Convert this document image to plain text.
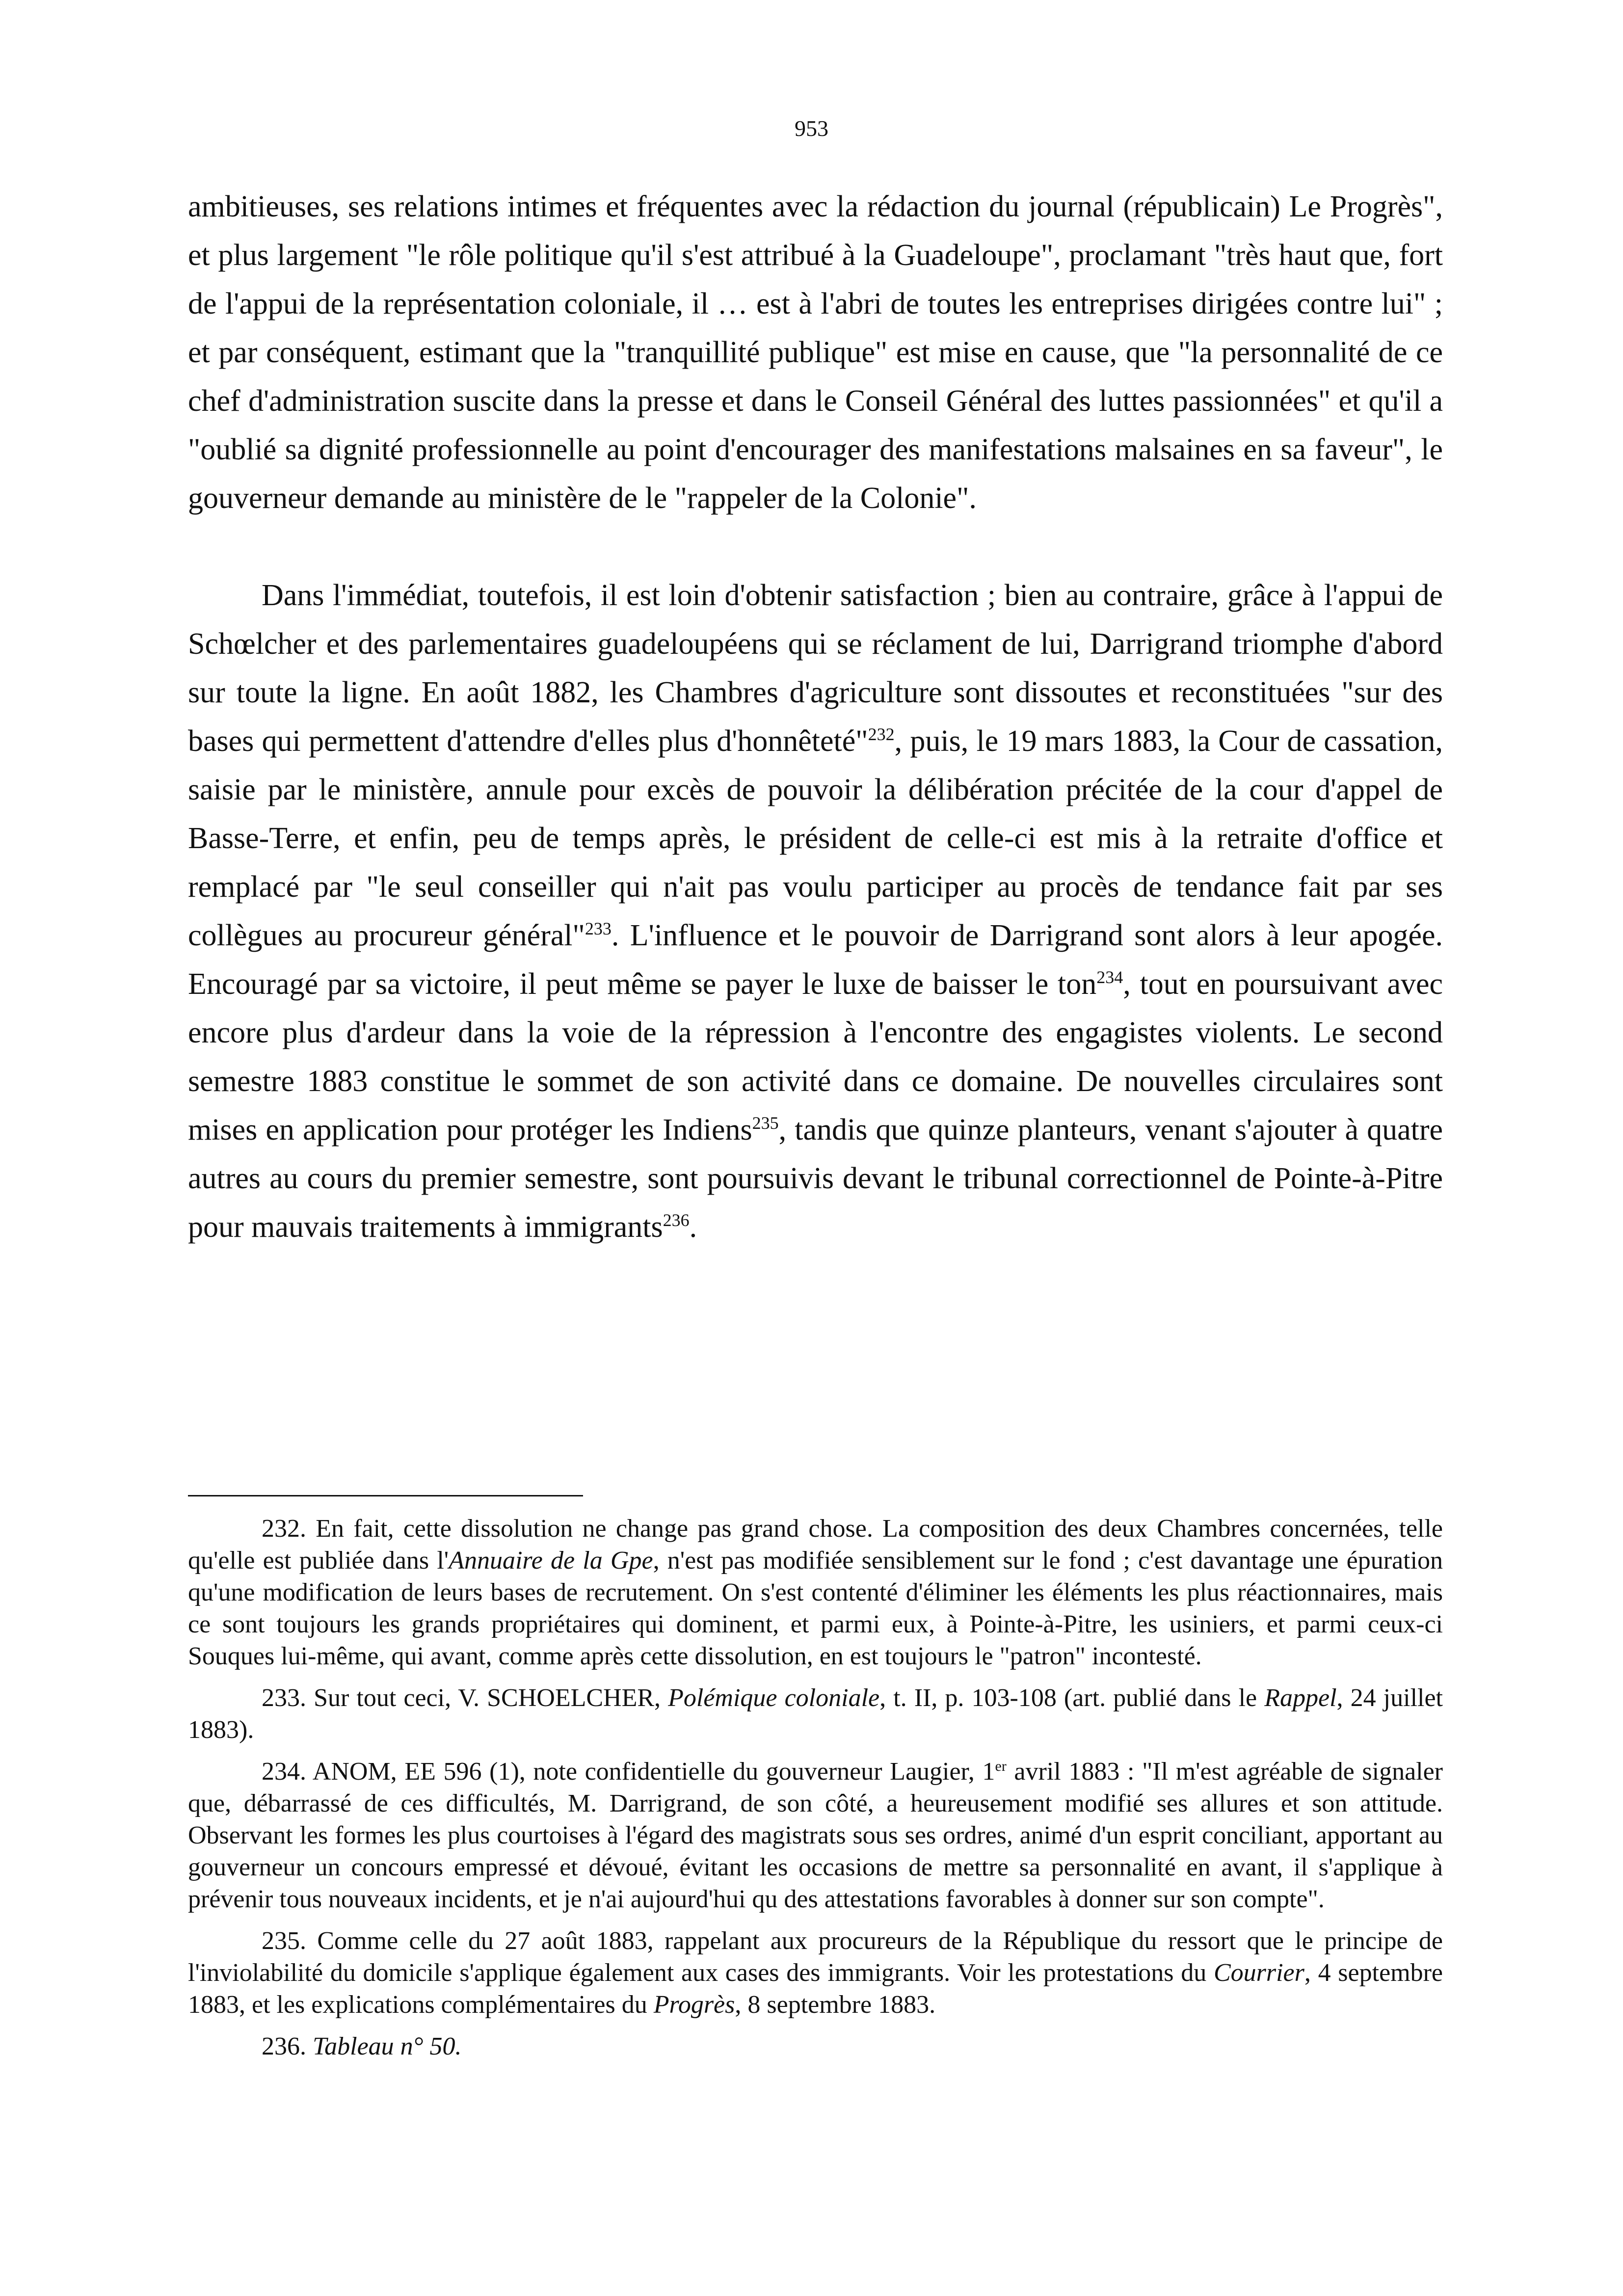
953

ambitieuses, ses relations intimes et fréquentes avec la rédaction du journal (républicain) Le Progrès", et plus largement "le rôle politique qu'il s'est attribué à la Guadeloupe", proclamant "très haut que, fort de l'appui de la représentation coloniale, il … est à l'abri de toutes les entreprises dirigées contre lui" ; et par conséquent, estimant que la "tranquillité publique" est mise en cause, que "la personnalité de ce chef d'administration suscite dans la presse et dans le Conseil Général des luttes passionnées" et qu'il a "oublié sa dignité professionnelle au point d'encourager des manifestations malsaines en sa faveur", le gouverneur demande au ministère de le "rappeler de la Colonie".

Dans l'immédiat, toutefois, il est loin d'obtenir satisfaction ; bien au contraire, grâce à l'appui de Schœlcher et des parlementaires guadeloupéens qui se réclament de lui, Darrigrand triomphe d'abord sur toute la ligne. En août 1882, les Chambres d'agriculture sont dissoutes et reconstituées "sur des bases qui permettent d'attendre d'elles plus d'honnêteté"$^{232}$, puis, le 19 mars 1883, la Cour de cassation, saisie par le ministère, annule pour excès de pouvoir la délibération précitée de la cour d'appel de Basse-Terre, et enfin, peu de temps après, le président de celle-ci est mis à la retraite d'office et remplacé par "le seul conseiller qui n'ait pas voulu participer au procès de tendance fait par ses collègues au procureur général"$^{233}$. L'influence et le pouvoir de Darrigrand sont alors à leur apogée. Encouragé par sa victoire, il peut même se payer le luxe de baisser le ton$^{234}$, tout en poursuivant avec encore plus d'ardeur dans la voie de la répression à l'encontre des engagistes violents. Le second semestre 1883 constitue le sommet de son activité dans ce domaine. De nouvelles circulaires sont mises en application pour protéger les Indiens$^{235}$, tandis que quinze planteurs, venant s'ajouter à quatre autres au cours du premier semestre, sont poursuivis devant le tribunal correctionnel de Pointe-à-Pitre pour mauvais traitements à immigrants$^{236}$.

232. En fait, cette dissolution ne change pas grand chose. La composition des deux Chambres concernées, telle qu'elle est publiée dans l'Annuaire de la Gpe, n'est pas modifiée sensiblement sur le fond ; c'est davantage une épuration qu'une modification de leurs bases de recrutement. On s'est contenté d'éliminer les éléments les plus réactionnaires, mais ce sont toujours les grands propriétaires qui dominent, et parmi eux, à Pointe-à-Pitre, les usiniers, et parmi ceux-ci Souques lui-même, qui avant, comme après cette dissolution, en est toujours le "patron" incontesté.

233. Sur tout ceci, V. SCHOELCHER, Polémique coloniale, t. II, p. 103-108 (art. publié dans le Rappel, 24 juillet 1883).

234. ANOM, EE 596 (1), note confidentielle du gouverneur Laugier, 1er avril 1883 : "Il m'est agréable de signaler que, débarrassé de ces difficultés, M. Darrigrand, de son côté, a heureusement modifié ses allures et son attitude. Observant les formes les plus courtoises à l'égard des magistrats sous ses ordres, animé d'un esprit conciliant, apportant au gouverneur un concours empressé et dévoué, évitant les occasions de mettre sa personnalité en avant, il s'applique à prévenir tous nouveaux incidents, et je n'ai aujourd'hui qu des attestations favorables à donner sur son compte".

235. Comme celle du 27 août 1883, rappelant aux procureurs de la République du ressort que le principe de l'inviolabilité du domicile s'applique également aux cases des immigrants. Voir les protestations du Courrier, 4 septembre 1883, et les explications complémentaires du Progrès, 8 septembre 1883.

236. Tableau n° 50.
